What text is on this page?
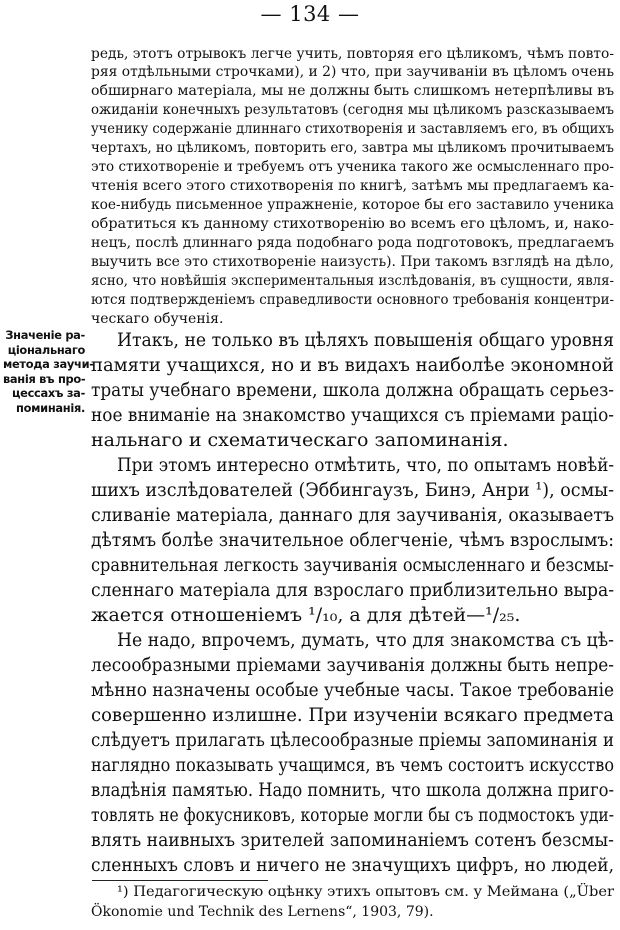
— 134 —
редь, этотъ отрывокъ легче учить, повторяя его цѣликомъ, чѣмъ повто-
ряя отдѣльными строчками), и 2) что, при заучиваніи въ цѣломъ очень
обширнаго матеріала, мы не должны быть слишкомъ нетерпѣливы въ
ожиданіи конечныхъ результатовъ (сегодня мы цѣликомъ разсказываемъ
ученику содержаніе длиннаго стихотворенія и заставляемъ его, въ общихъ
чертахъ, но цѣликомъ, повторить его, завтра мы цѣликомъ прочитываемъ
это стихотвореніе и требуемъ отъ ученика такого же осмысленнаго про-
чтенія всего этого стихотворенія по книгѣ, затѣмъ мы предлагаемъ ка-
кое-нибудь письменное упражненіе, которое бы его заставило ученика
обратиться къ данному стихотворенію во всемъ его цѣломъ, и, нако-
нецъ, послѣ длиннаго ряда подобнаго рода подготовокъ, предлагаемъ
выучить все это стихотвореніе наизусть). При такомъ взглядѣ на дѣло,
ясно, что новѣйшія экспериментальныя изслѣдованія, въ сущности, явля-
ются подтвержденіемъ справедливости основного требованія концентри-
ческаго обученія.
Значеніе ра-
ціональнаго
метода заучи-
ванія въ про-
цессахъ за-
поминанія.
Итакъ, не только въ цѣляхъ повышенія общаго уровня
памяти учащихся, но и въ видахъ наиболѣе экономной
траты учебнаго времени, школа должна обращать серьез-
ное вниманіе на знакомство учащихся съ пріемами раціо-
нальнаго и схематическаго запоминанія.
При этомъ интересно отмѣтить, что, по опытамъ новѣй-
шихъ изслѣдователей (Эббингаузъ, Бинэ, Анри ¹), осмы-
сливаніе матеріала, даннаго для заучиванія, оказываетъ
дѣтямъ болѣе значительное облегченіе, чѣмъ взрослымъ:
сравнительная легкость заучиванія осмысленнаго и безсмы-
сленнаго матеріала для взрослаго приблизительно выра-
жается отношеніемъ ¹/₁₀, а для дѣтей—¹/₂₅.
Не надо, впрочемъ, думать, что для знакомства съ цѣ-
лесообразными пріемами заучиванія должны быть непре-
мѣнно назначены особые учебные часы. Такое требованіе
совершенно излишне. При изученіи всякаго предмета
слѣдуетъ прилагать цѣлесообразные пріемы запоминанія и
наглядно показывать учащимся, въ чемъ состоитъ искусство
владѣнія памятью. Надо помнить, что школа должна приго-
товлять не фокусниковъ, которые могли бы съ подмостокъ уди-
влять наивныхъ зрителей запоминаніемъ сотенъ безсмы-
сленныхъ словъ и ничего не значущихъ цифръ, но людей,
¹) Педагогическую оцѣнку этихъ опытовъ см. у Меймана („Über
Ökonomie und Technik des Lernens“, 1903, 79).
